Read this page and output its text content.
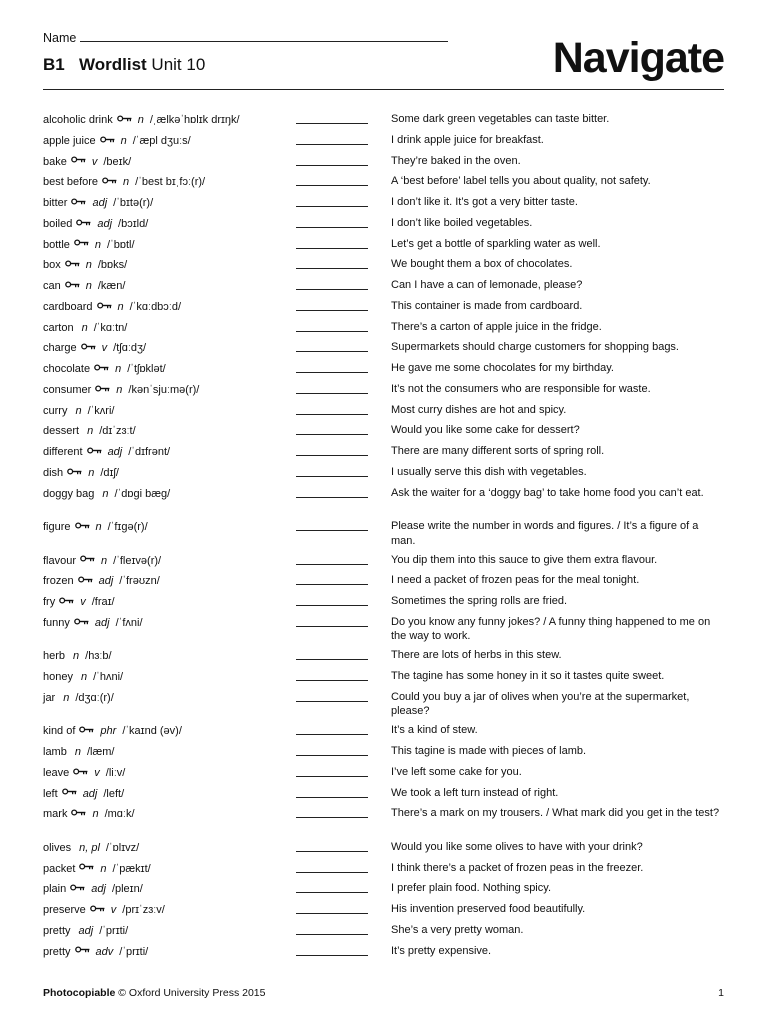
Name
B1 Wordlist Unit 10	Navigate
alcoholic drink n /ˌælkəˈhɒlɪk drɪŋk/	Some dark green vegetables can taste bitter.
apple juice n /ˈæpl dʒuːs/	I drink apple juice for breakfast.
bake v /beɪk/	They’re baked in the oven.
best before n /ˈbest bɪˌfɔː(r)/	A ‘best before’ label tells you about quality, not safety.
bitter adj /ˈbɪtə(r)/	I don’t like it. It’s got a very bitter taste.
boiled adj /bɔɪld/	I don’t like boiled vegetables.
bottle n /ˈbɒtl/	Let’s get a bottle of sparkling water as well.
box n /bɒks/	We bought them a box of chocolates.
can n /kæn/	Can I have a can of lemonade, please?
cardboard n /ˈkɑːdbɔːd/	This container is made from cardboard.
carton n /ˈkɑːtn/	There’s a carton of apple juice in the fridge.
charge v /tʃɑːdʒ/	Supermarkets should charge customers for shopping bags.
chocolate n /ˈtʃɒklət/	He gave me some chocolates for my birthday.
consumer n /kənˈsjuːmə(r)/	It’s not the consumers who are responsible for waste.
curry n /ˈkʌri/	Most curry dishes are hot and spicy.
dessert n /dɪˈzɜːt/	Would you like some cake for dessert?
different adj /ˈdɪfrənt/	There are many different sorts of spring roll.
dish n /dɪʃ/	I usually serve this dish with vegetables.
doggy bag n /ˈdɒgi bæg/	Ask the waiter for a ‘doggy bag’ to take home food you can’t eat.
figure n /ˈfɪgə(r)/	Please write the number in words and figures. / It’s a figure of a man.
flavour n /ˈfleɪvə(r)/	You dip them into this sauce to give them extra flavour.
frozen adj /ˈfrəʊzn/	I need a packet of frozen peas for the meal tonight.
fry v /fraɪ/	Sometimes the spring rolls are fried.
funny adj /ˈfʌni/	Do you know any funny jokes? / A funny thing happened to me on the way to work.
herb n /hɜːb/	There are lots of herbs in this stew.
honey n /ˈhʌni/	The tagine has some honey in it so it tastes quite sweet.
jar n /dʒɑː(r)/	Could you buy a jar of olives when you’re at the supermarket, please?
kind of phr /ˈkaɪnd (əv)/	It’s a kind of stew.
lamb n /læm/	This tagine is made with pieces of lamb.
leave v /liːv/	I’ve left some cake for you.
left adj /left/	We took a left turn instead of right.
mark n /mɑːk/	There’s a mark on my trousers. / What mark did you get in the test?
olives n, pl /ˈɒlɪvz/	Would you like some olives to have with your drink?
packet n /ˈpækɪt/	I think there’s a packet of frozen peas in the freezer.
plain adj /pleɪn/	I prefer plain food. Nothing spicy.
preserve v /prɪˈzɜːv/	His invention preserved food beautifully.
pretty adj /ˈprɪti/	She’s a very pretty woman.
pretty adv /ˈprɪti/	It’s pretty expensive.
Photocopiable © Oxford University Press 2015	1
